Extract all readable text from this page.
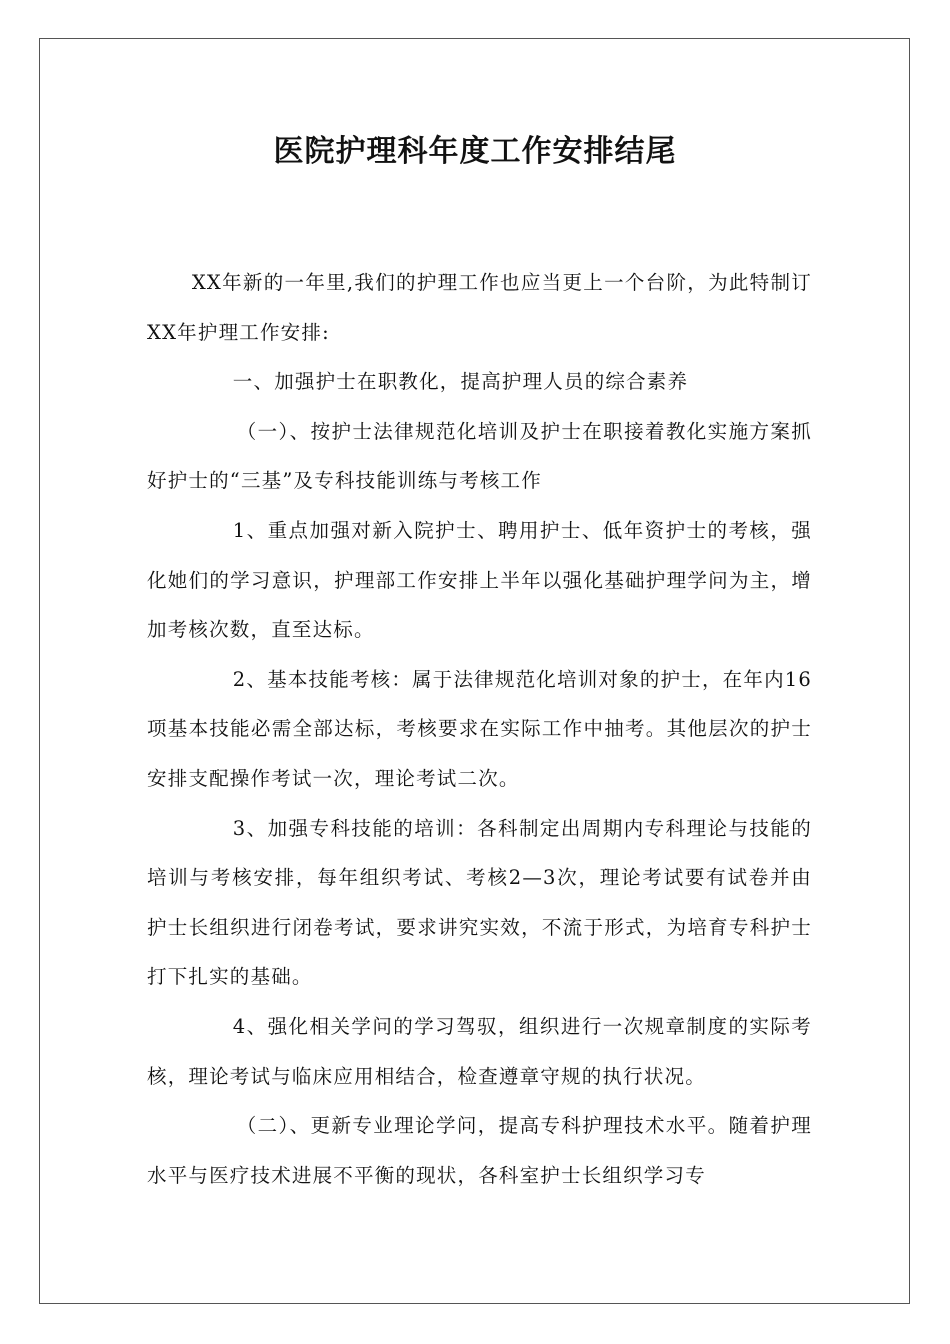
医院护理科年度工作安排结尾

XX年新的一年里,我们的护理工作也应当更上一个台阶，为此特制订XX年护理工作安排:

一、加强护士在职教化，提高护理人员的综合素养

（一）、按护士法律规范化培训及护士在职接着教化实施方案抓好护士的“三基”及专科技能训练与考核工作

1、重点加强对新入院护士、聘用护士、低年资护士的考核，强化她们的学习意识，护理部工作安排上半年以强化基础护理学问为主，增加考核次数，直至达标。

2、基本技能考核：属于法律规范化培训对象的护士，在年内16项基本技能必需全部达标，考核要求在实际工作中抽考。其他层次的护士安排支配操作考试一次，理论考试二次。

3、加强专科技能的培训：各科制定出周期内专科理论与技能的培训与考核安排，每年组织考试、考核2—3次，理论考试要有试卷并由护士长组织进行闭卷考试，要求讲究实效，不流于形式，为培育专科护士打下扎实的基础。

4、强化相关学问的学习驾驭，组织进行一次规章制度的实际考核，理论考试与临床应用相结合，检查遵章守规的执行状况。

（二）、更新专业理论学问，提高专科护理技术水平。随着护理水平与医疗技术进展不平衡的现状，各科室护士长组织学习专
